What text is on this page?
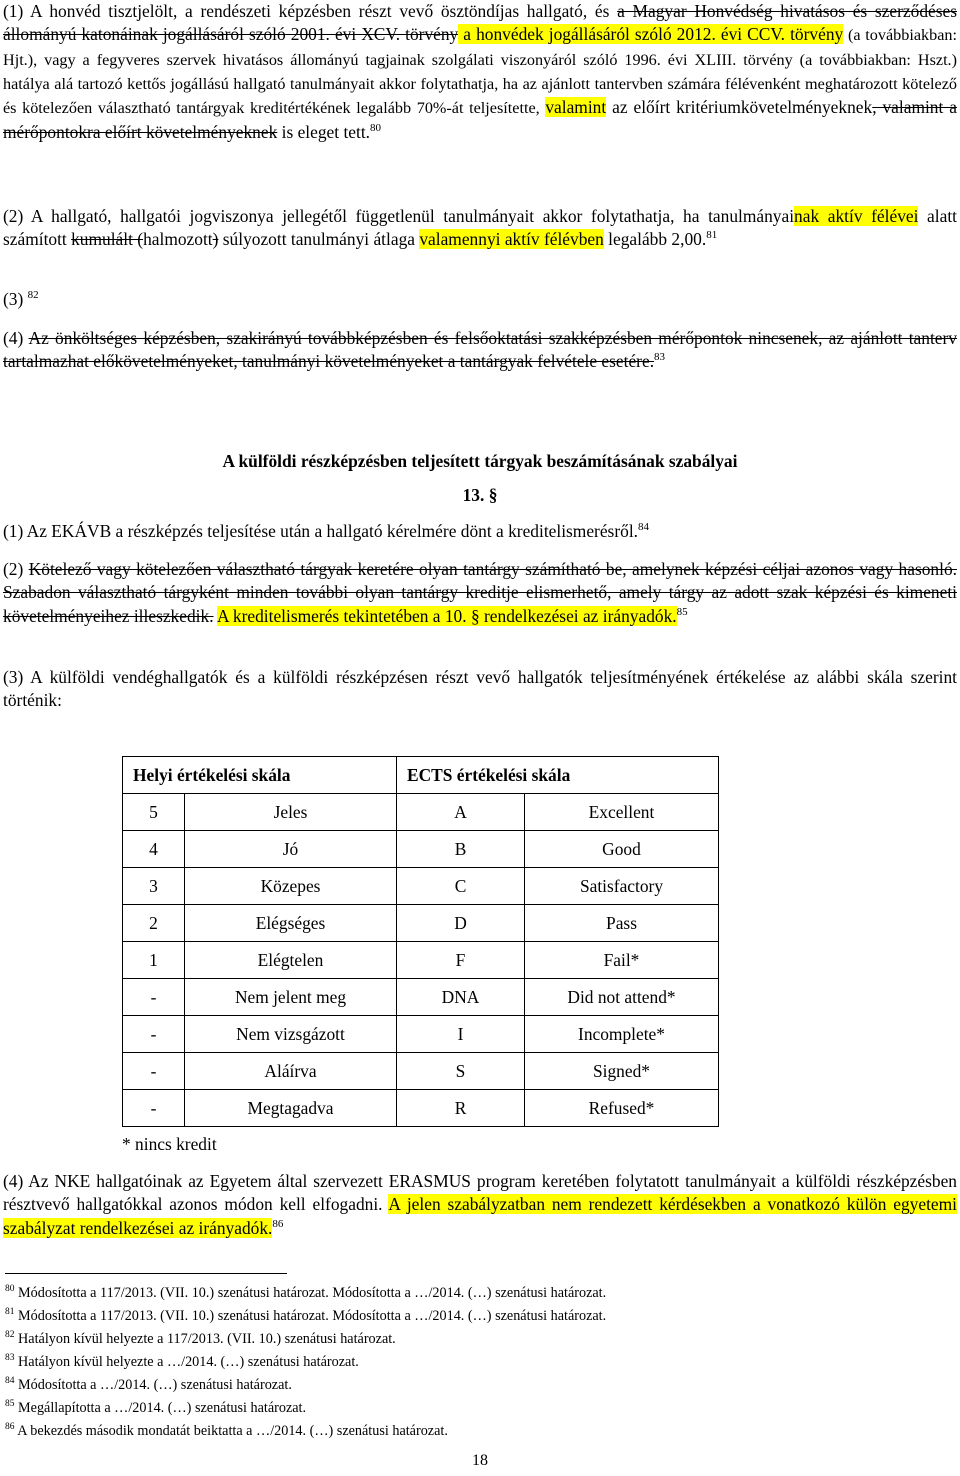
(1) A honvéd tisztjelölt, a rendészeti képzésben részt vevő ösztöndíjas hallgató, és a Magyar Honvédség hivatásos és szerződéses állományú katonáinak jogállásáról szóló 2001. évi XCV. törvény a honvédek jogállásáról szóló 2012. évi CCV. törvény (a továbbiakban: Hjt.), vagy a fegyveres szervek hivatásos állományú tagjainak szolgálati viszonyáról szóló 1996. évi XLIII. törvény (a továbbiakban: Hszt.) hatálya alá tartozó kettős jogállású hallgató tanulmányait akkor folytathatja, ha az ajánlott tantervben számára félévenként meghatározott kötelező és kötelezően választható tantárgyak kreditértékének legalább 70%-át teljesítette, valamint az előírt kritériumkövetelményeknek, valamint a mérőpontokra előírt követelményeknek is eleget tett.$^{80}$

(2) A hallgató, hallgatói jogviszonya jellegétől függetlenül tanulmányait akkor folytathatja, ha tanulmányainak aktív félévei alatt számított kumulált (halmozott) súlyozott tanulmányi átlaga valamennyi aktív félévben legalább 2,00.81

(3) $^{82}$

(4) Az önköltséges képzésben, szakirányú továbbképzésben és felsőoktatási szakképzésben mérőpontok nincsenek, az ajánlott tanterv tartalmazhat előkövetelményeket, tanulmányi követelményeket a tantárgyak felvétele esetére.$^{83}$

A külföldi részképzésben teljesített tárgyak beszámításának szabályai
13. §

(1) Az EKÁVB a részképzés teljesítése után a hallgató kérelmére dönt a kreditelismerésről.$^{84}$

(2) Kötelező vagy kötelezően választható tárgyak keretére olyan tantárgy számítható be, amelynek képzési céljai azonos vagy hasonló. Szabadon választható tárgyként minden további olyan tantárgy kreditje elismerhető, amely tárgy az adott szak képzési és kimeneti követelményeihez illeszkedik. A kreditelismerés tekintetében a 10. § rendelkezései az irányadók.$^{85}$

(3) A külföldi vendéghallgatók és a külföldi részképzésen részt vevő hallgatók teljesítményének értékelése az alábbi skála szerint történik:

Helyi értékelési skála		ECTS értékelési skála	
5	Jeles	A	Excellent
4	Jó	B	Good
3	Közepes	C	Satisfactory
2	Elégséges	D	Pass
1	Elégtelen	F	Fail*
-	Nem jelent meg	DNA	Did not attend*
-	Nem vizsgázott	I	Incomplete*
-	Aláírva	S	Signed*
-	Megtagadva	R	Refused*
* nincs kredit

(4) Az NKE hallgatóinak az Egyetem által szervezett ERASMUS program keretében folytatott tanulmányait a külföldi részképzésben résztvevő hallgatókkal azonos módon kell elfogadni. A jelen szabályzatban nem rendezett kérdésekben a vonatkozó külön egyetemi szabályzat rendelkezései az irányadók.$^{86}$

$^{80}$ Módosította a 117/2013. (VII. 10.) szenátusi határozat. Módosította a …/2014. (…) szenátusi határozat.
$^{81}$ Módosította a 117/2013. (VII. 10.) szenátusi határozat. Módosította a …/2014. (…) szenátusi határozat.
$^{82}$ Hatályon kívül helyezte a 117/2013. (VII. 10.) szenátusi határozat.
$^{83}$ Hatályon kívül helyezte a …/2014. (…) szenátusi határozat.
$^{84}$ Módosította a …/2014. (…) szenátusi határozat.
$^{85}$ Megállapította a …/2014. (…) szenátusi határozat.
$^{86}$ A bekezdés második mondatát beiktatta a …/2014. (…) szenátusi határozat.
18
